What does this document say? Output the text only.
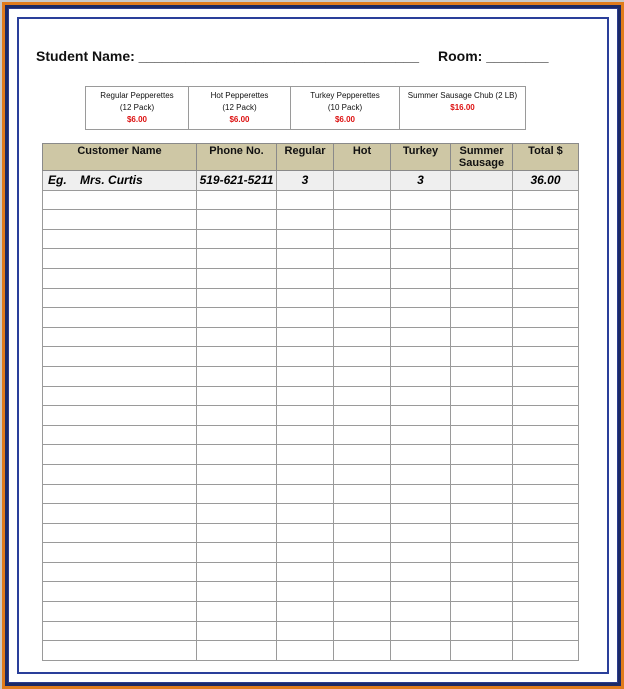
Student Name: ____________________________________ Room: ________
Regular Pepperettes
(12 Pack)
$6.00
	Hot Pepperettes
(12 Pack)
$6.00
	Turkey Pepperettes
(10 Pack)
$6.00
	Summer Sausage Chub (2 LB)
$16.00
Customer Name	Phone No.	Regular	Hot	Turkey	Summer Sausage	Total $
Eg. Mrs. Curtis	519-621-5211	3		3		36.00
